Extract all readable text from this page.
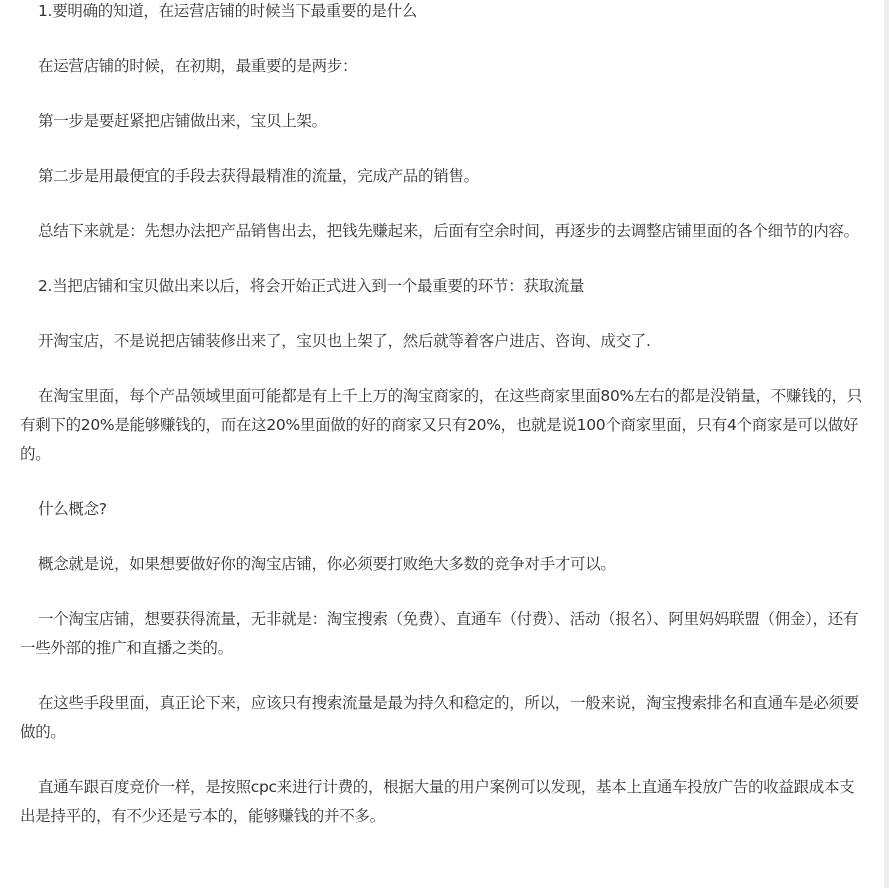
1.要明确的知道，在运营店铺的时候当下最重要的是什么

在运营店铺的时候，在初期，最重要的是两步：

第一步是要赶紧把店铺做出来，宝贝上架。

第二步是用最便宜的手段去获得最精准的流量，完成产品的销售。

总结下来就是：先想办法把产品销售出去，把钱先赚起来，后面有空余时间，再逐步的去调整店铺里面的各个细节的内容。

2.当把店铺和宝贝做出来以后，将会开始正式进入到一个最重要的环节：获取流量

开淘宝店，不是说把店铺装修出来了，宝贝也上架了，然后就等着客户进店、咨询、成交了.

在淘宝里面，每个产品领域里面可能都是有上千上万的淘宝商家的，在这些商家里面80%左右的都是没销量，不赚钱的，只有剩下的20%是能够赚钱的，而在这20%里面做的好的商家又只有20%，也就是说100个商家里面，只有4个商家是可以做好的。

什么概念?

概念就是说，如果想要做好你的淘宝店铺，你必须要打败绝大多数的竞争对手才可以。

一个淘宝店铺，想要获得流量，无非就是：淘宝搜索（免费）、直通车（付费）、活动（报名）、阿里妈妈联盟（佣金），还有一些外部的推广和直播之类的。

在这些手段里面，真正论下来，应该只有搜索流量是最为持久和稳定的，所以，一般来说，淘宝搜索排名和直通车是必须要做的。

直通车跟百度竞价一样，是按照cpc来进行计费的，根据大量的用户案例可以发现，基本上直通车投放广告的收益跟成本支出是持平的，有不少还是亏本的，能够赚钱的并不多。
